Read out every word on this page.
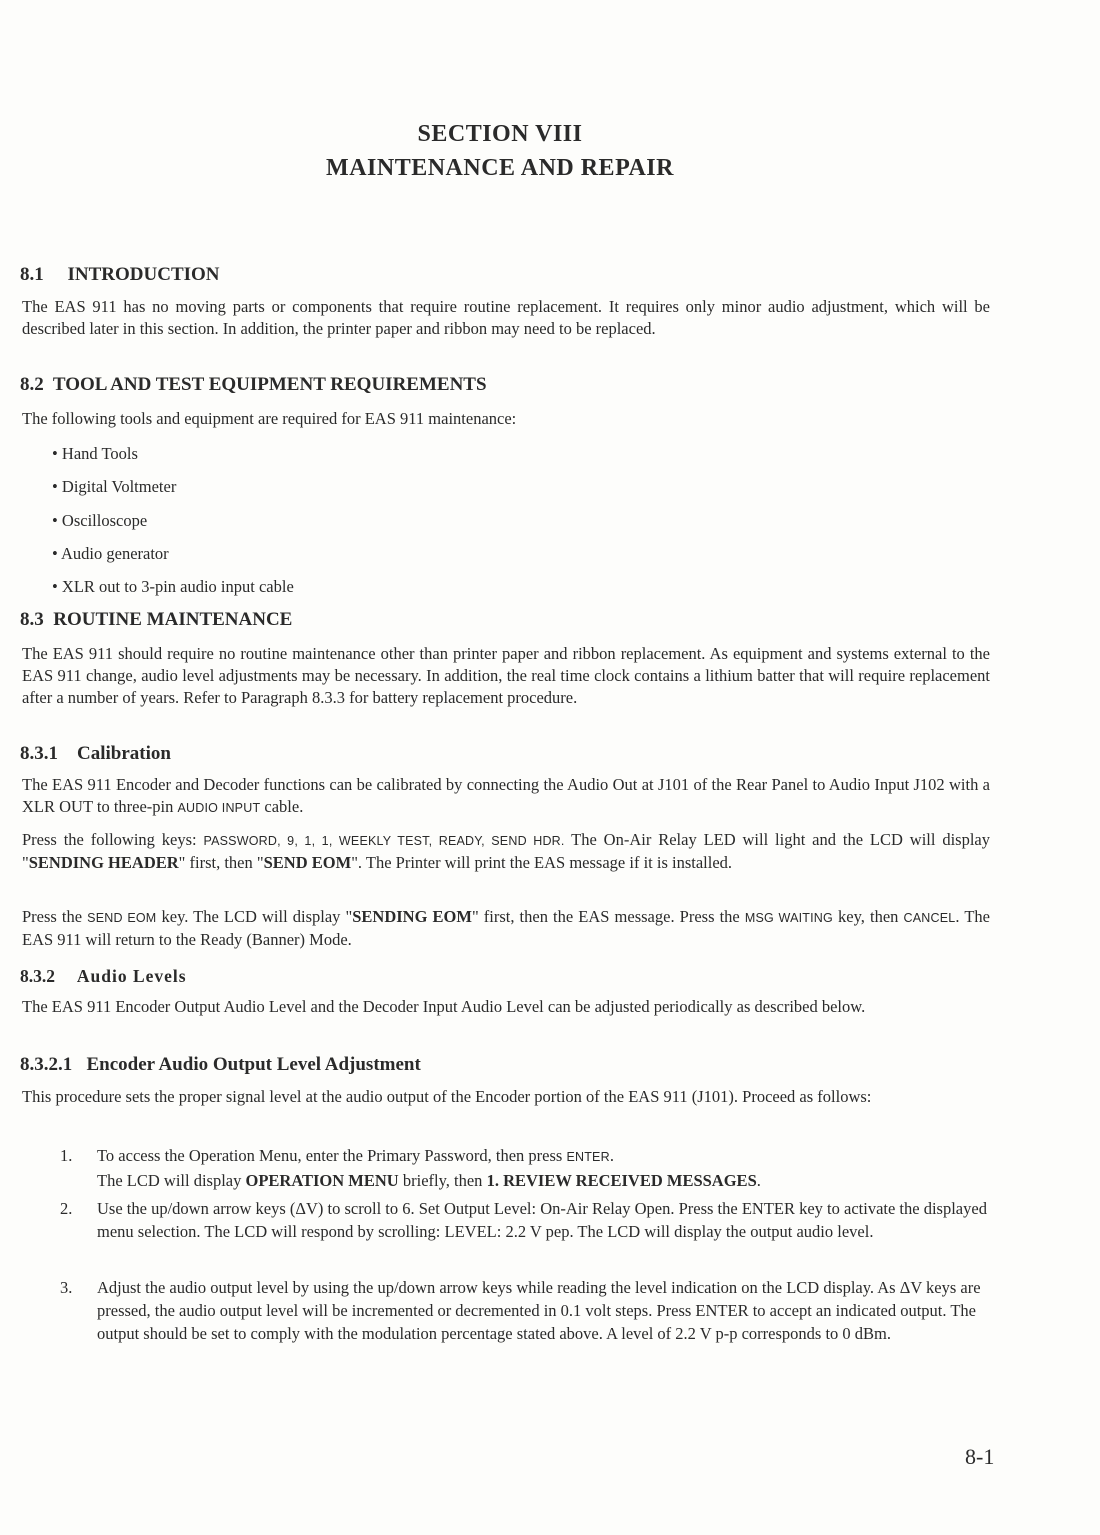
SECTION VIII
MAINTENANCE AND REPAIR
8.1 INTRODUCTION
The EAS 911 has no moving parts or components that require routine replacement. It requires only minor audio adjustment, which will be described later in this section. In addition, the printer paper and ribbon may need to be replaced.
8.2 TOOL AND TEST EQUIPMENT REQUIREMENTS
The following tools and equipment are required for EAS 911 maintenance:
• Hand Tools
• Digital Voltmeter
• Oscilloscope
• Audio generator
• XLR out to 3-pin audio input cable
8.3 ROUTINE MAINTENANCE
The EAS 911 should require no routine maintenance other than printer paper and ribbon replacement. As equipment and systems external to the EAS 911 change, audio level adjustments may be necessary. In addition, the real time clock contains a lithium batter that will require replacement after a number of years. Refer to Paragraph 8.3.3 for battery replacement procedure.
8.3.1 Calibration
The EAS 911 Encoder and Decoder functions can be calibrated by connecting the Audio Out at J101 of the Rear Panel to Audio Input J102 with a XLR OUT to three-pin AUDIO INPUT cable.
Press the following keys: PASSWORD, 9, 1, 1, WEEKLY TEST, READY, SEND HDR. The On-Air Relay LED will light and the LCD will display "SENDING HEADER" first, then "SEND EOM". The Printer will print the EAS message if it is installed.
Press the SEND EOM key. The LCD will display "SENDING EOM" first, then the EAS message. Press the MSG WAITING key, then CANCEL. The EAS 911 will return to the Ready (Banner) Mode.
8.3.2 Audio Levels
The EAS 911 Encoder Output Audio Level and the Decoder Input Audio Level can be adjusted periodically as described below.
8.3.2.1 Encoder Audio Output Level Adjustment
This procedure sets the proper signal level at the audio output of the Encoder portion of the EAS 911 (J101). Proceed as follows:
1.	To access the Operation Menu, enter the Primary Password, then press ENTER.
The LCD will display OPERATION MENU briefly, then 1. REVIEW RECEIVED MESSAGES.
2.	Use the up/down arrow keys (ΔV) to scroll to 6. Set Output Level: On-Air Relay Open. Press the ENTER key to activate the displayed menu selection. The LCD will respond by scrolling: LEVEL: 2.2 V pep. The LCD will display the output audio level.
3.	Adjust the audio output level by using the up/down arrow keys while reading the level indication on the LCD display. As ΔV keys are pressed, the audio output level will be incremented or decremented in 0.1 volt steps. Press ENTER to accept an indicated output. The output should be set to comply with the modulation percentage stated above. A level of 2.2 V p-p corresponds to 0 dBm.
8-1
